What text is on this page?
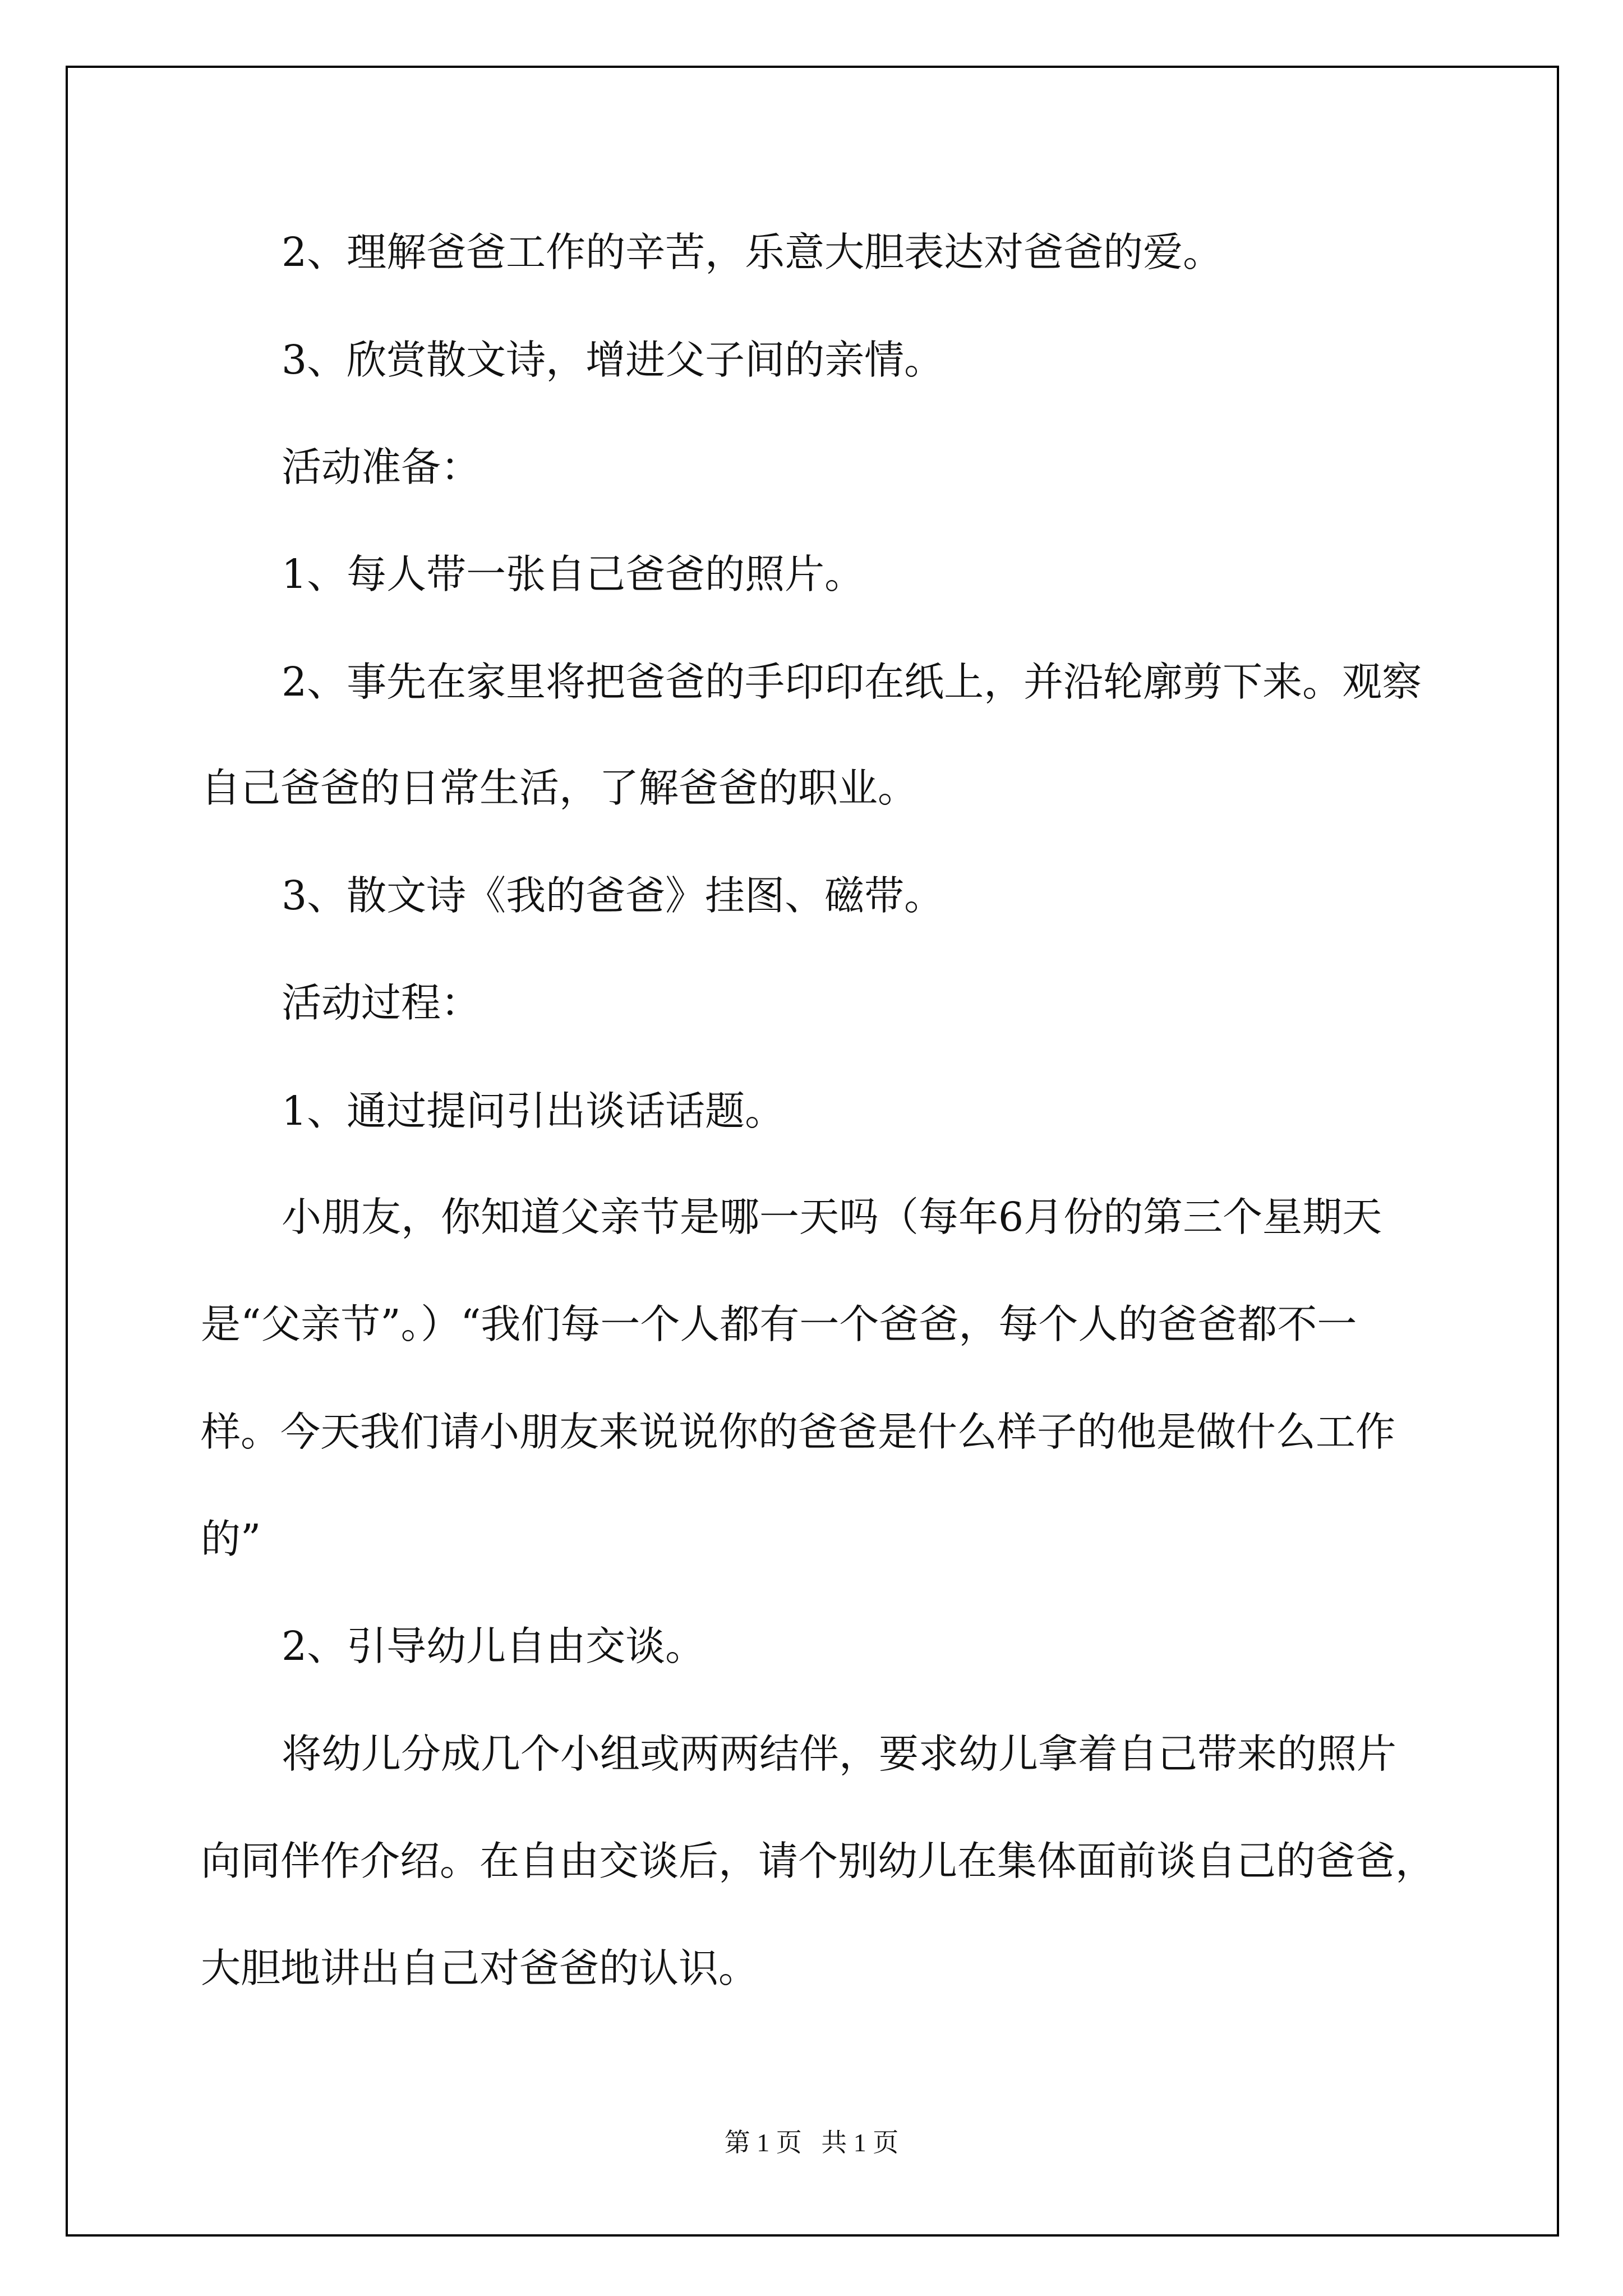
2、理解爸爸工作的辛苦，乐意大胆表达对爸爸的爱。

3、欣赏散文诗，增进父子间的亲情。

活动准备：

1、每人带一张自己爸爸的照片。

2、事先在家里将把爸爸的手印印在纸上，并沿轮廓剪下来。观察

自己爸爸的日常生活，了解爸爸的职业。

3、散文诗《我的爸爸》挂图、磁带。

活动过程：

1、通过提问引出谈话话题。

小朋友，你知道父亲节是哪一天吗（每年6月份的第三个星期天

是“父亲节”。）“我们每一个人都有一个爸爸，每个人的爸爸都不一

样。今天我们请小朋友来说说你的爸爸是什么样子的他是做什么工作

的”

2、引导幼儿自由交谈。

将幼儿分成几个小组或两两结伴，要求幼儿拿着自己带来的照片

向同伴作介绍。在自由交谈后，请个别幼儿在集体面前谈自己的爸爸，

大胆地讲出自己对爸爸的认识。

第 1 页   共 1 页
